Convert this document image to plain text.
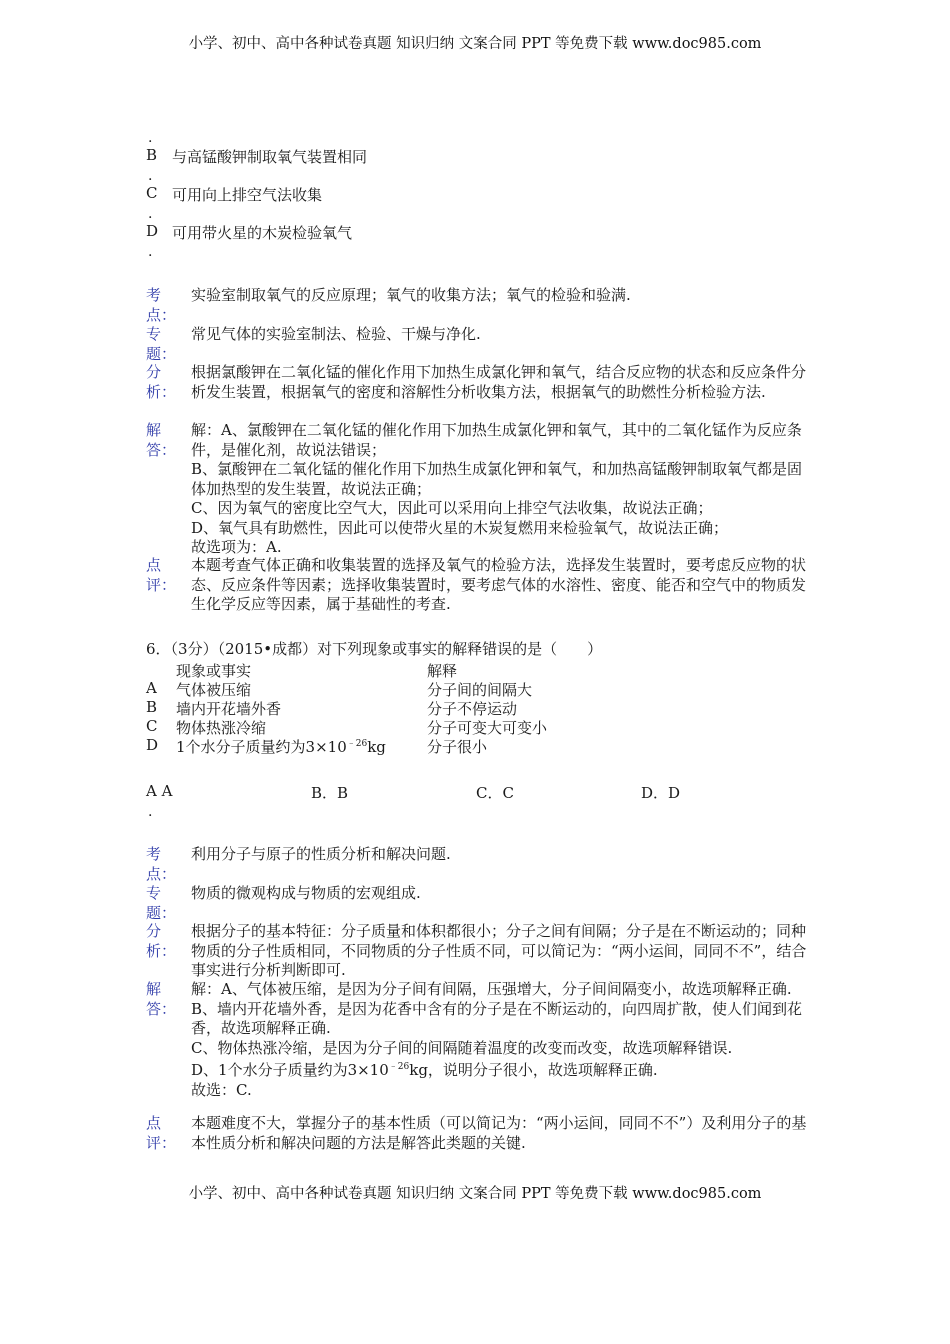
小学、初中、高中各种试卷真题 知识归纳 文案合同 PPT 等免费下载 www.doc985.com
.
B 与高锰酸钾制取氧气装置相同
.
C 可用向上排空气法收集
.
D 可用带火星的木炭检验氧气
.
考点：
实验室制取氧气的反应原理；氧气的收集方法；氧气的检验和验满.
专题：
常见气体的实验室制法、检验、干燥与净化.
分析：
根据氯酸钾在二氧化锰的催化作用下加热生成氯化钾和氧气，结合反应物的状态和反应条件分析发生装置，根据氧气的密度和溶解性分析收集方法，根据氧气的助燃性分析检验方法.
解答：

解：A、氯酸钾在二氧化锰的催化作用下加热生成氯化钾和氧气，其中的二氧化锰作为反应条件，是催化剂，故说法错误；

B、氯酸钾在二氧化锰的催化作用下加热生成氯化钾和氧气，和加热高锰酸钾制取氧气都是固体加热型的发生装置，故说法正确；

C、因为氧气的密度比空气大，因此可以采用向上排空气法收集，故说法正确；

D、氧气具有助燃性，因此可以使带火星的木炭复燃用来检验氧气，故说法正确；

故选项为：A.

点评：
本题考查气体正确和收集装置的选择及氧气的检验方法，选择发生装置时，要考虑反应物的状态、反应条件等因素；选择收集装置时，要考虑气体的水溶性、密度、能否和空气中的物质发生化学反应等因素，属于基础性的考查.
6．（3分）（2015•成都）对下列现象或事实的解释错误的是（　　）
现象或事实	解释
A 气体被压缩	分子间的间隔大
B 墙内开花墙外香	分子不停运动
C 物体热涨冷缩	分子可变大可变小
D 1个水分子质量约为$3\times 10^{﹣26}kg$	分子很小
A A	B．B	C．C	D．D
.
考点：
利用分子与原子的性质分析和解决问题.
专题：
物质的微观构成与物质的宏观组成.
分析：
根据分子的基本特征：分子质量和体积都很小；分子之间有间隔；分子是在不断运动的；同种物质的分子性质相同，不同物质的分子性质不同，可以简记为：“两小运间，同同不不”，结合事实进行分析判断即可.
解答：

解：A、气体被压缩，是因为分子间有间隔，压强增大，分子间间隔变小，故选项解释正确.

B、墙内开花墙外香，是因为花香中含有的分子是在不断运动的，向四周扩散，使人们闻到花香，故选项解释正确.

C、物体热涨冷缩，是因为分子间的间隔随着温度的改变而改变，故选项解释错误.

D、1个水分子质量约为$3\times 10^{﹣26}kg$，说明分子很小，故选项解释正确.

故选：C.

点评：
本题难度不大，掌握分子的基本性质（可以简记为：“两小运间，同同不不”）及利用分子的基本性质分析和解决问题的方法是解答此类题的关键.
小学、初中、高中各种试卷真题 知识归纳 文案合同 PPT 等免费下载 www.doc985.com
